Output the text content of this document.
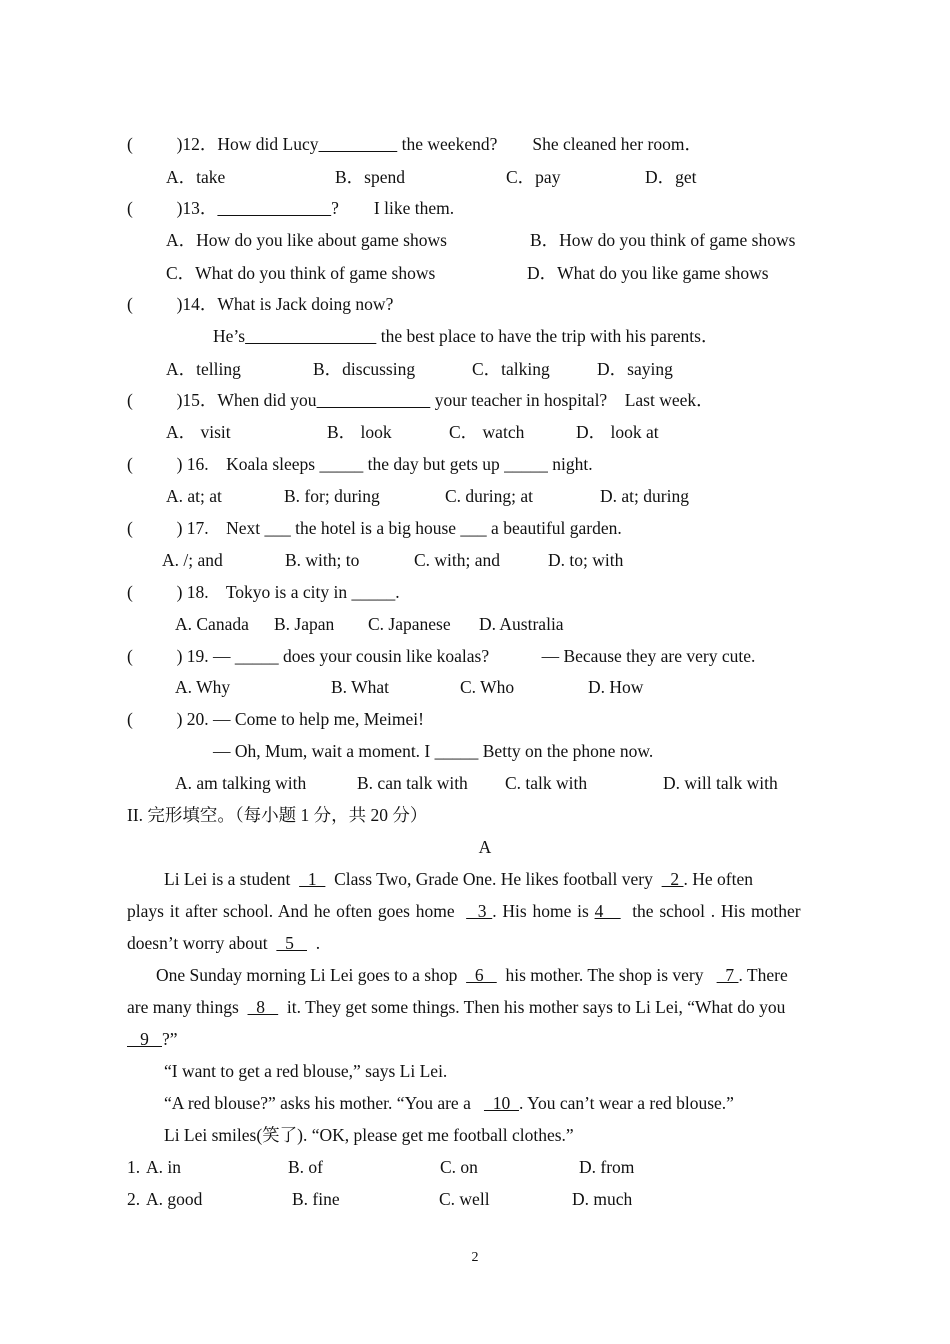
(          )12．How did Lucy	the weekend?        She cleaned her room．
A．take	B．spend	C．pay	D．get
(          )13．	?        I like them.
A．How do you like about game shows	B．How do you think of game shows
C．What do you think of game shows	D．What do you like game shows
(          )14．What is Jack doing now?
He’s	the best place to have the trip with his parents．
A．telling	B．discussing	C．talking	D．saying
(          )15．When did you	your teacher in hospital?    Last week．
A． visit	B． look	C． watch	D． look at
(          ) 16.    Koala sleeps _____ the day but gets up _____ night.
A. at; at	B. for; during	C. during; at	D. at; during
(          ) 17.    Next ___ the hotel is a big house ___ a beautiful garden.
A. /; and	B. with; to	C. with; and	D. to; with
(          ) 18.    Tokyo is a city in _____.
A. Canada B. Japan C. Japanese D. Australia
(          ) 19. — _____ does your cousin like koalas?            — Because they are very cute.
A. Why	B. What	C. Who	D. How
(          ) 20. — Come to help me, Meimei!
— Oh, Mum, wait a moment. I _____ Betty on the phone now.
A. am talking with	B. can talk with C. talk with	D. will talk with
II. 完形填空。（每小题 1 分，共 20 分）
A
Li Lei is a student    1    Class Two, Grade One. He likes football very    2 . He often
plays it after school. And he often goes home    3 . His home is 4     the school . His mother
doesn’t worry about    5     .
One Sunday morning Li Lei goes to a shop    6     his mother. The shop is very     7 . There
are many things    8     it. They get some things. Then his mother says to Li Lei, “What do you
9   ?”
“I want to get a red blouse,” says Li Lei.
“A red blouse?” asks his mother. “You are a     10  . You can’t wear a red blouse.”
Li Lei smiles(笑了). “OK, please get me football clothes.”
1. A. in	B. of	C. on	D. from
2. A. good	B. fine	C. well	D. much
2
